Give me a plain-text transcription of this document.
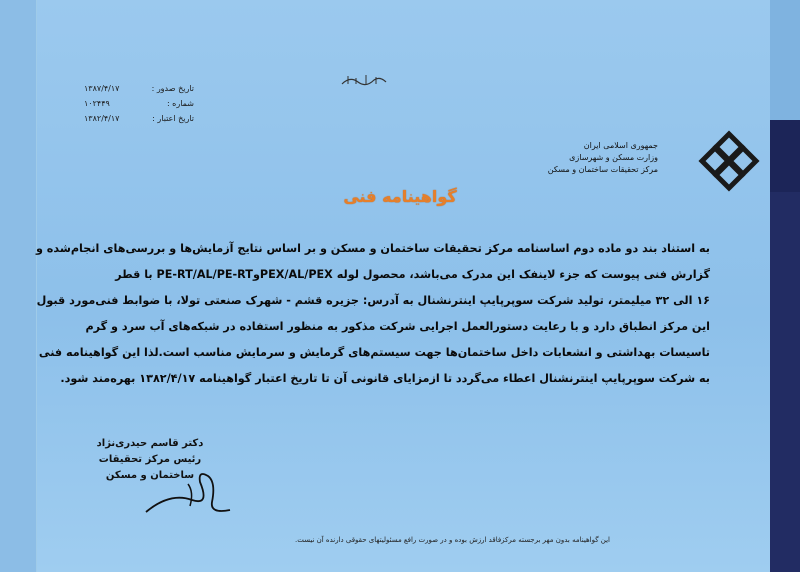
تاریخ صدور :
۱۳۸۷/۴/۱۷
شماره :
۱۰۲۴۴۹
تاریخ اعتبار :
۱۳۸۲/۴/۱۷
جمهوری اسلامی ایران
وزارت مسکن و شهرسازی
مرکز تحقیقات ساختمان و مسکن
گواهینامه فنی
به استناد بند دو ماده دوم اساسنامه مرکز تحقیقات ساختمان و مسکن و بر اساس نتایج آزمایش‌ها و بررسی‌های انجام‌شده و
گزارش فنی پیوست که جزء لاینفک این مدرک می‌باشد، محصول لوله PEX/AL/PEXوPE-RT/AL/PE-RT با قطر
۱۶ الی ۳۲ میلیمتر، تولید شرکت سوپرپایپ اینترنشنال به آدرس: جزیره قشم - شهرک صنعتی تولا، با ضوابط فنی‌مورد قبول
این مرکز انطباق دارد و با رعایت دستورالعمل اجرایی شرکت مذکور به منظور استفاده در شبکه‌های آب سرد و گرم
تاسیسات بهداشتی و انشعابات داخل ساختمان‌ها جهت سیستم‌های گرمایش و سرمایش مناسب است.لذا این گواهینامه فنی
به شرکت سوپرپایپ اینترنشنال اعطاء می‌گردد تا ازمزایای قانونی آن تا تاریخ اعتبار گواهینامه ۱۳۸۲/۴/۱۷ بهره‌مند شود.
دکتر قاسم حیدری‌نژاد
رئیس مرکز تحقیقات ساختمان و مسکن
این گواهینامه بدون مهر برجسته مرکزفاقد ارزش بوده و در صورت رافع مسئولیتهای حقوقی دارنده آن نیست.
